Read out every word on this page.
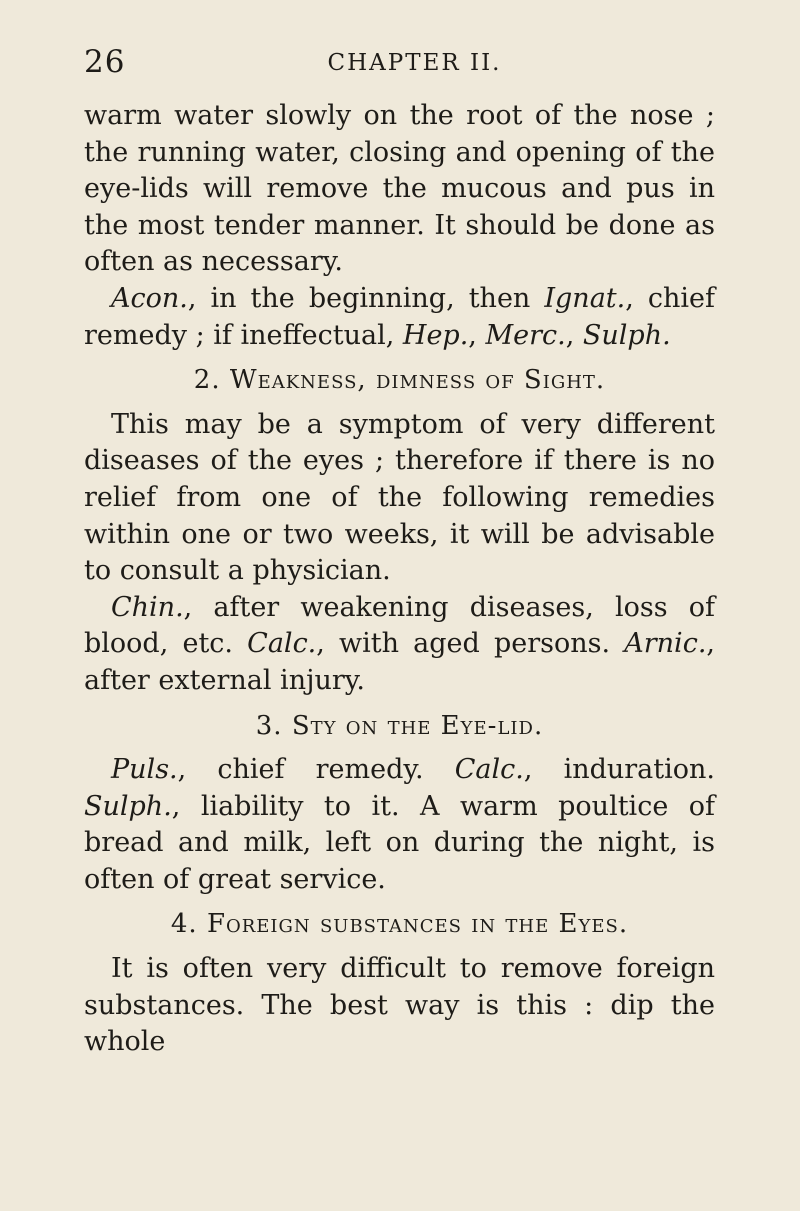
26	CHAPTER II.

warm water slowly on the root of the nose ; the running water, closing and opening of the eye-lids will remove the mucous and pus in the most tender manner. It should be done as often as necessary.

Acon., in the beginning, then Ignat., chief remedy ; if ineffectual, Hep., Merc., Sulph.

2. Weakness, dimness of Sight.

This may be a symptom of very different diseases of the eyes ; therefore if there is no relief from one of the following remedies within one or two weeks, it will be advisable to consult a physician.

Chin., after weakening diseases, loss of blood, etc. Calc., with aged persons. Arnic., after external injury.

3. Sty on the Eye-lid.

Puls., chief remedy. Calc., induration. Sulph., liability to it. A warm poultice of bread and milk, left on during the night, is often of great service.

4. Foreign substances in the Eyes.

It is often very difficult to remove foreign substances. The best way is this : dip the whole
